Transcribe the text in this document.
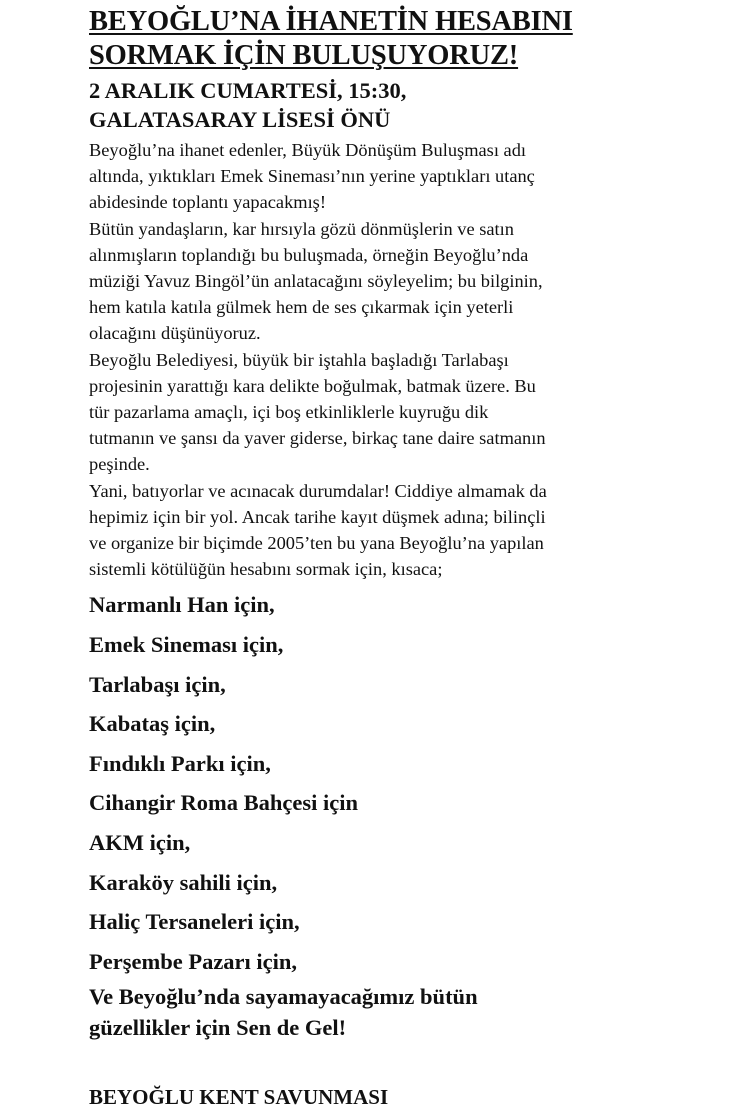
BEYOĞLU’NA İHANETİN HESABINI
SORMAK İÇİN BULUŞUYORUZ!
2 ARALIK CUMARTESİ, 15:30,
GALATASARAY LİSESİ ÖNÜ

Beyoğlu’na ihanet edenler, Büyük Dönüşüm Buluşması adı
altında, yıktıkları Emek Sineması’nın yerine yaptıkları utanç
abidesinde toplantı yapacakmış!

Bütün yandaşların, kar hırsıyla gözü dönmüşlerin ve satın
alınmışların toplandığı bu buluşmada, örneğin Beyoğlu’nda
müziği Yavuz Bingöl’ün anlatacağını söyleyelim; bu bilginin,
hem katıla katıla gülmek hem de ses çıkarmak için yeterli
olacağını düşünüyoruz.

Beyoğlu Belediyesi, büyük bir iştahla başladığı Tarlabaşı
projesinin yarattığı kara delikte boğulmak, batmak üzere. Bu
tür pazarlama amaçlı, içi boş etkinliklerle kuyruğu dik
tutmanın ve şansı da yaver giderse, birkaç tane daire satmanın
peşinde.

Yani, batıyorlar ve acınacak durumdalar! Ciddiye almamak da
hepimiz için bir yol. Ancak tarihe kayıt düşmek adına; bilinçli
ve organize bir biçimde 2005’ten bu yana Beyoğlu’na yapılan
sistemli kötülüğün hesabını sormak için, kısaca;

Narmanlı Han için,
Emek Sineması için,
Tarlabaşı için,
Kabataş için,
Fındıklı Parkı için,
Cihangir Roma Bahçesi için
AKM için,
Karaköy sahili için,
Haliç Tersaneleri için,
Perşembe Pazarı için,

Ve Beyoğlu’nda sayamayacağımız bütün
güzellikler için Sen de Gel!

BEYOĞLU KENT SAVUNMASI
